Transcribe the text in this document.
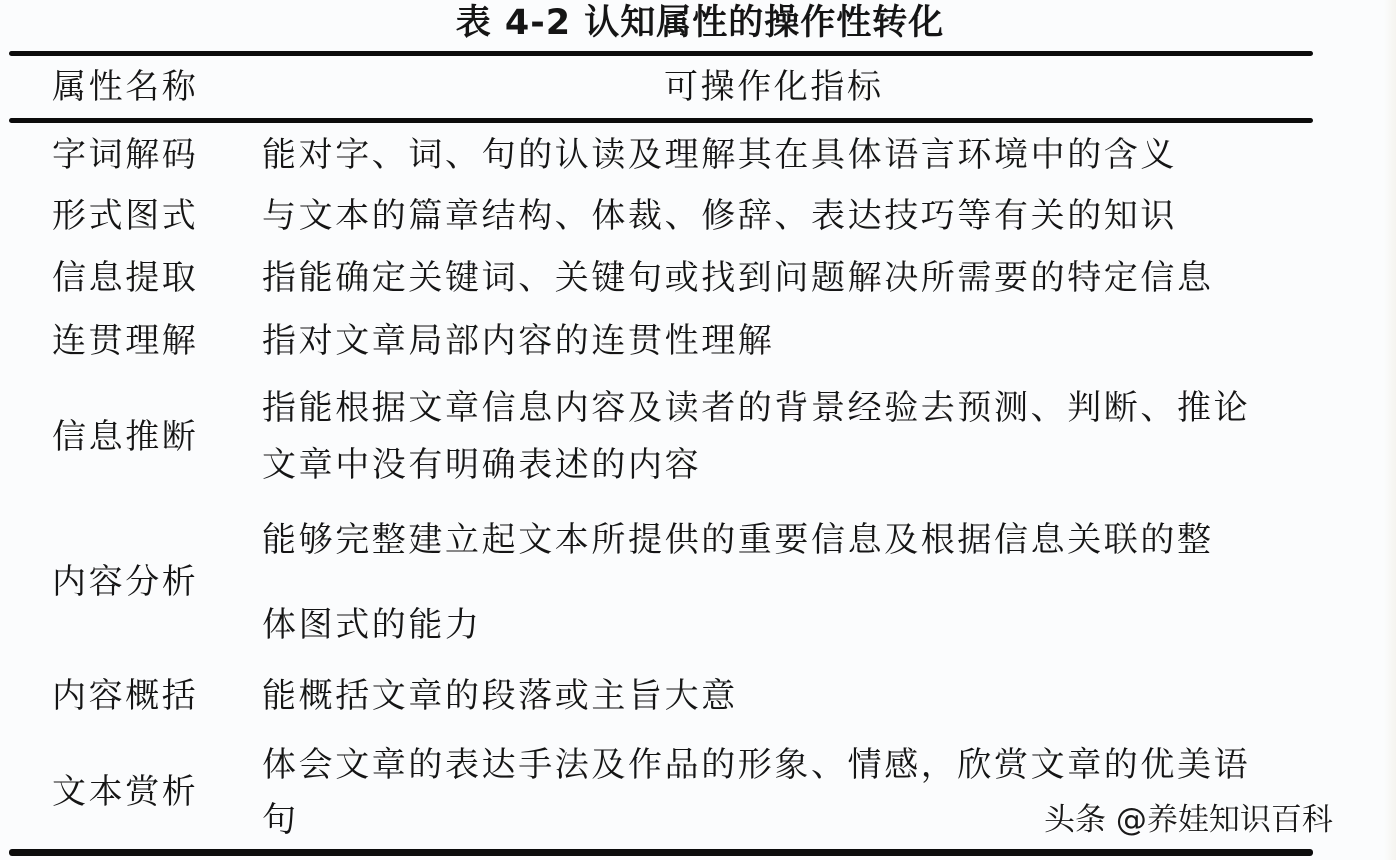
表 4-2 认知属性的操作性转化
属性名称	可操作化指标
字词解码 能对字、词、句的认读及理解其在具体语言环境中的含义
形式图式 与文本的篇章结构、体裁、修辞、表达技巧等有关的知识
信息提取 指能确定关键词、关键句或找到问题解决所需要的特定信息
连贯理解 指对文章局部内容的连贯性理解
信息推断
指能根据文章信息内容及读者的背景经验去预测、判断、推论
文章中没有明确表述的内容
内容分析
能够完整建立起文本所提供的重要信息及根据信息关联的整
体图式的能力
内容概括 能概括文章的段落或主旨大意
文本赏析
体会文章的表达手法及作品的形象、情感，欣赏文章的优美语
句	头条 @养娃知识百科
